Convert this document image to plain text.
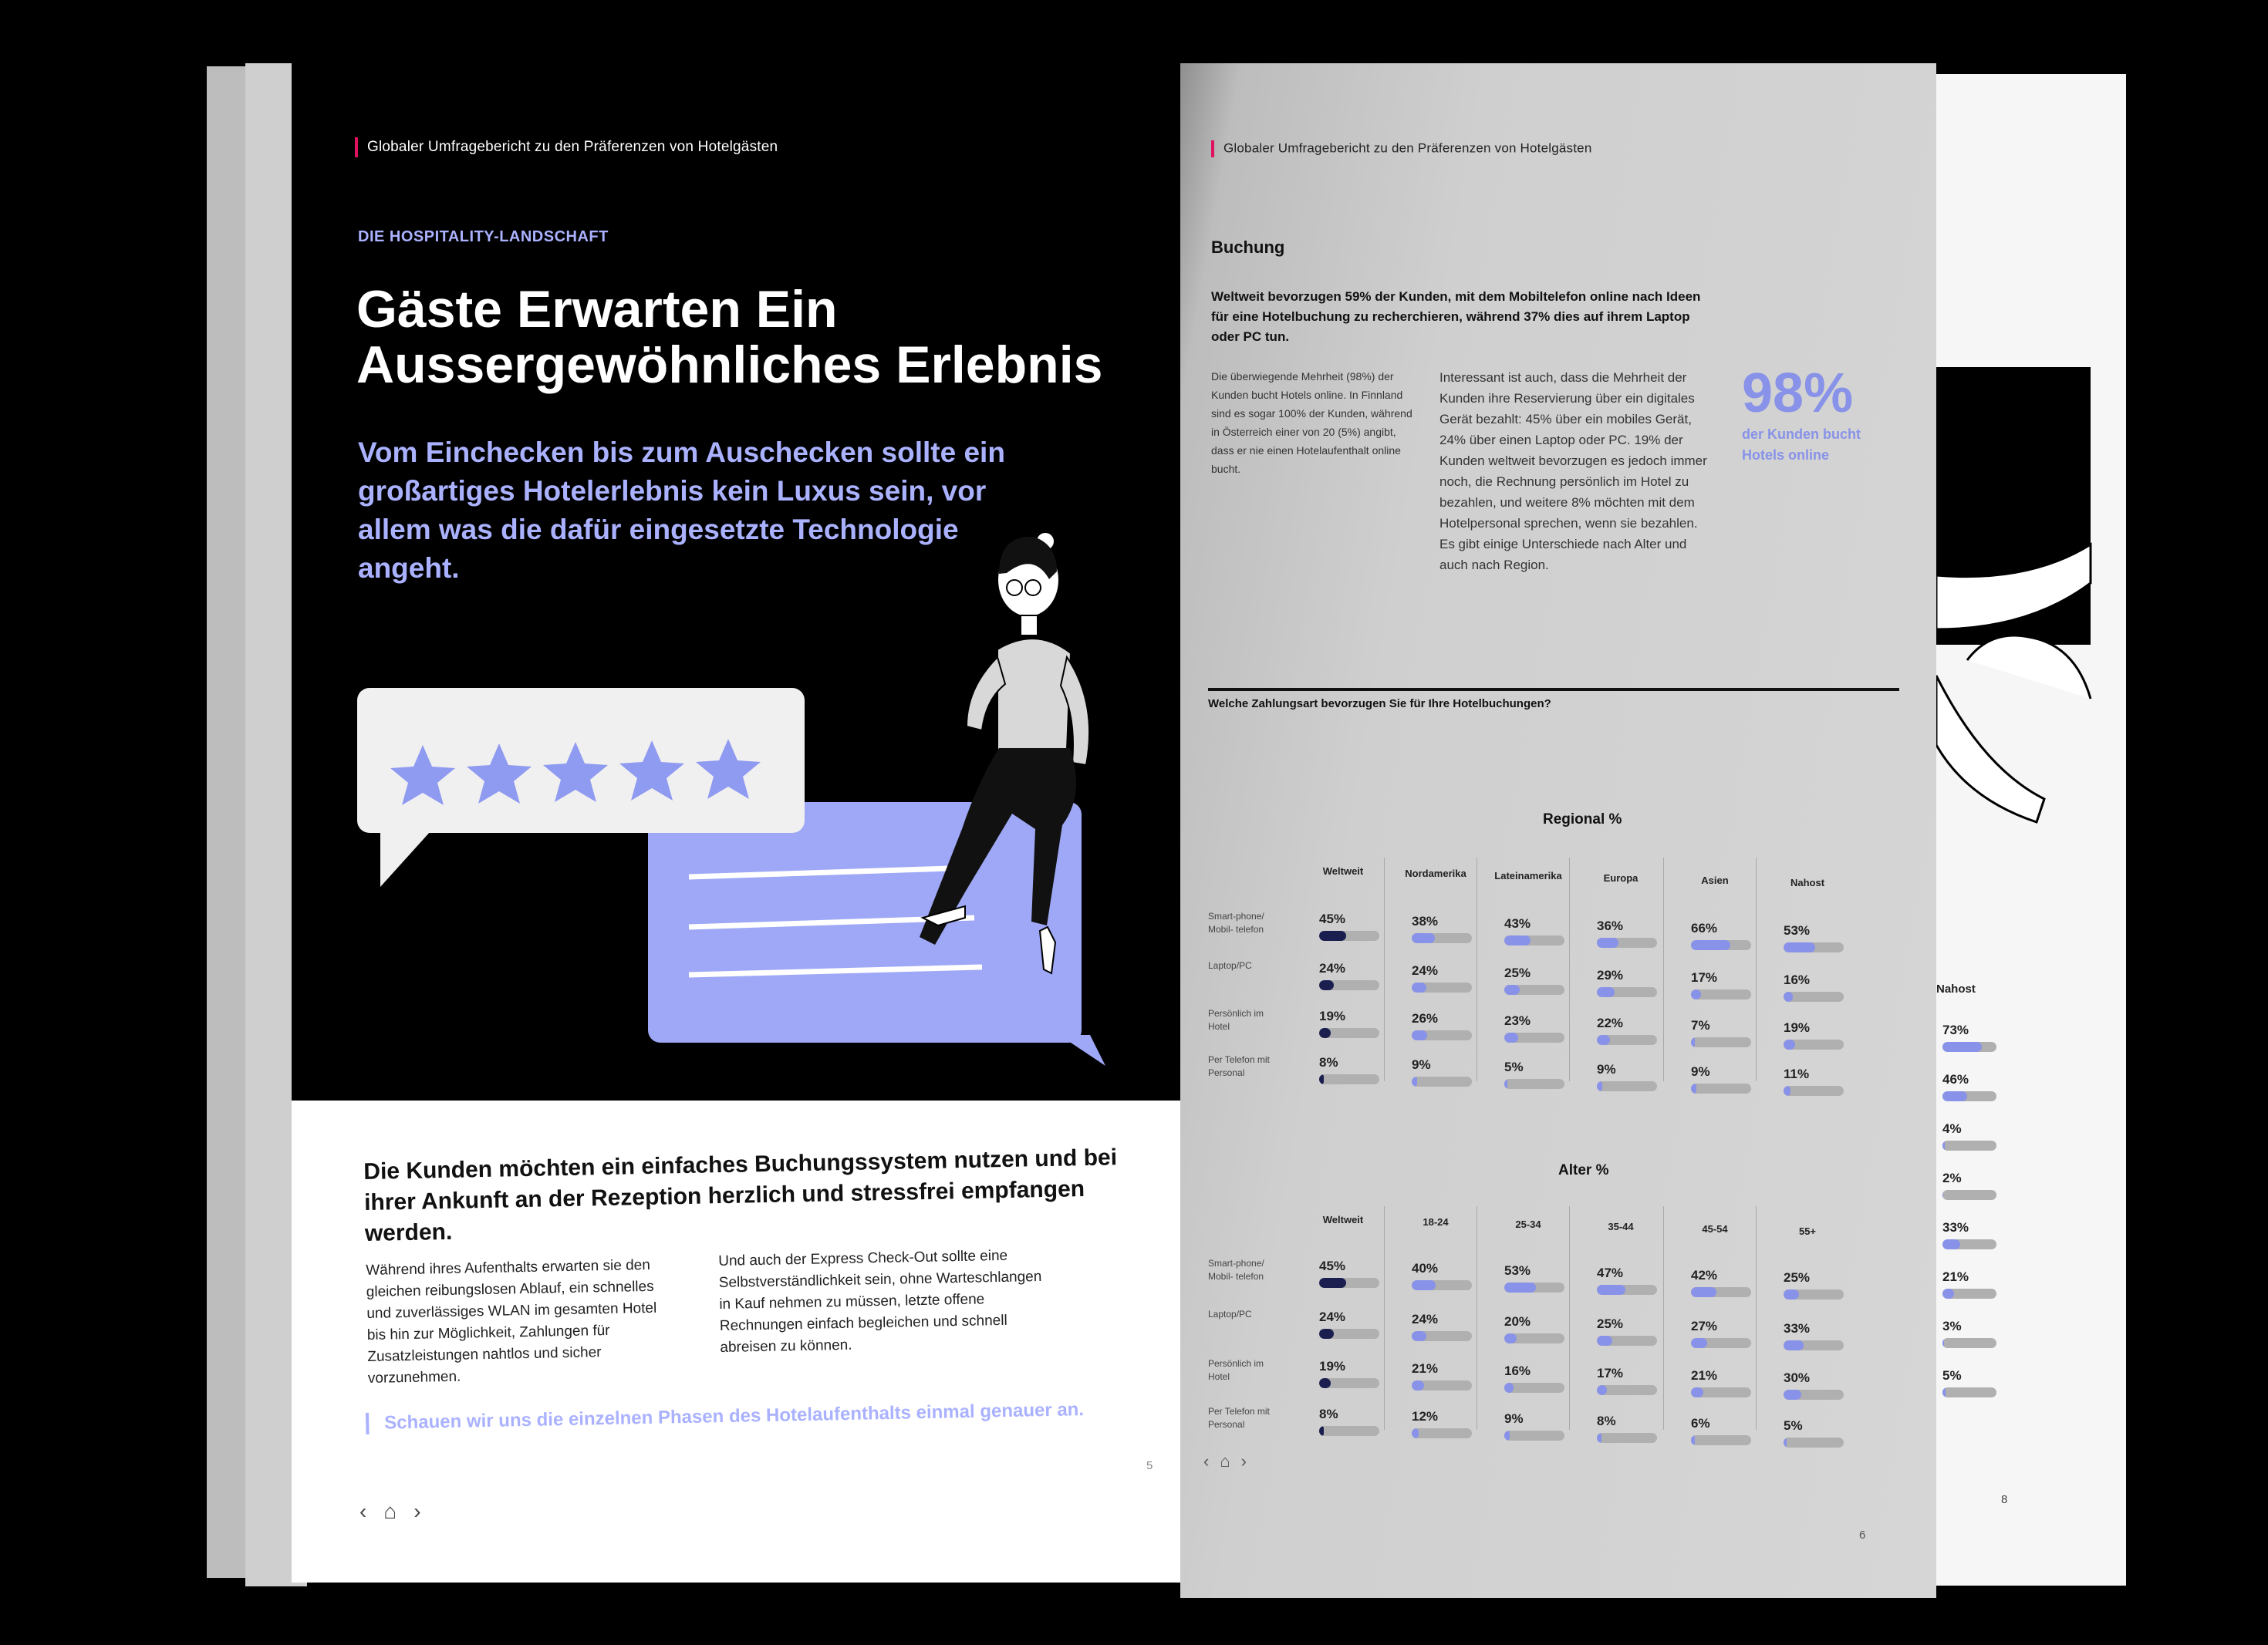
Globaler Umfragebericht zu den Präferenzen von Hotelgästen
DIE HOSPITALITY-LANDSCHAFT
Gäste Erwarten Ein Aussergewöhnliches Erlebnis
Vom Einchecken bis zum Auschecken sollte ein großartiges Hotelerlebnis kein Luxus sein, vor allem was die dafür eingesetzte Technologie angeht.
Die Kunden möchten ein einfaches Buchungssystem nutzen und bei ihrer Ankunft an der Rezeption herzlich und stressfrei empfangen werden.
Während ihres Aufenthalts erwarten sie den gleichen reibungslosen Ablauf, ein schnelles und zuverlässiges WLAN im gesamten Hotel bis hin zur Möglichkeit, Zahlungen für Zusatzleistungen nahtlos und sicher vorzunehmen.
Und auch der Express Check-Out sollte eine Selbstverständlichkeit sein, ohne Warteschlangen in Kauf nehmen zu müssen, letzte offene Rechnungen einfach begleichen und schnell abreisen zu können.
Schauen wir uns die einzelnen Phasen des Hotelaufenthalts einmal genauer an.
5
‹ ⌂ ›
Globaler Umfragebericht zu den Präferenzen von Hotelgästen
Buchung
Weltweit bevorzugen 59% der Kunden, mit dem Mobiltelefon online nach Ideen für eine Hotelbuchung zu recherchieren, während 37% dies auf ihrem Laptop oder PC tun.
Die überwiegende Mehrheit (98%) der Kunden bucht Hotels online. In Finnland sind es sogar 100% der Kunden, während in Österreich einer von 20 (5%) angibt, dass er nie einen Hotelaufenthalt online bucht.
Interessant ist auch, dass die Mehrheit der Kunden ihre Reservierung über ein digitales Gerät bezahlt: 45% über ein mobiles Gerät, 24% über einen Laptop oder PC. 19% der Kunden weltweit bevorzugen es jedoch immer noch, die Rechnung persönlich im Hotel zu bezahlen, und weitere 8% möchten mit dem Hotelpersonal sprechen, wenn sie bezahlen. Es gibt einige Unterschiede nach Alter und auch nach Region.
98%
der Kunden bucht Hotels online
Welche Zahlungsart bevorzugen Sie für Ihre Hotelbuchungen?
Regional %
Smart-phone/ Mobil- telefon
Laptop/PC
Persönlich im Hotel
Per Telefon mit Personal
Weltweit
45%
24%
19%
8%
Nordamerika
38%
24%
26%
9%
Lateinamerika
43%
25%
23%
5%
Europa
36%
29%
22%
9%
Asien
66%
17%
7%
9%
Nahost
53%
16%
19%
11%
Alter %
Smart-phone/ Mobil- telefon
Laptop/PC
Persönlich im Hotel
Per Telefon mit Personal
Weltweit
45%
24%
19%
8%
18-24
40%
24%
21%
12%
25-34
53%
20%
16%
9%
35-44
47%
25%
17%
8%
45-54
42%
27%
21%
6%
55+
25%
33%
30%
5%
‹ ⌂ ›
6
Nahost
73%
46%
4%
2%
33%
21%
3%
5%
8
